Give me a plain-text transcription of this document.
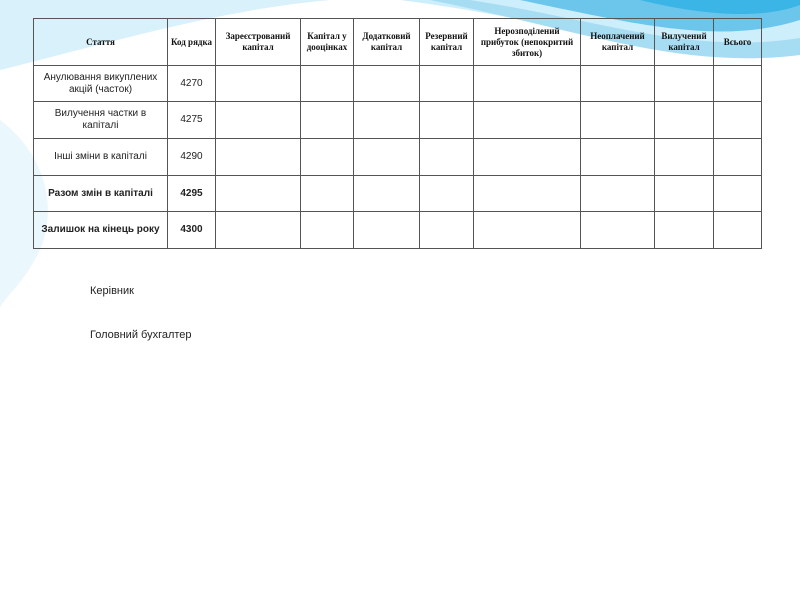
Стаття	Код рядка	Зареєстрований капітал	Капітал у дооцінках	Додатковий капітал	Резервний капітал	Нерозподілений прибуток (непокритий збиток)	Неоплачений капітал	Вилучений капітал	Всього
Анулювання викуплених акцій (часток)	4270								
Вилучення частки в капіталі	4275								
Інші зміни в капіталі	4290								
Разом змін в капіталі	4295								
Залишок на кінець року	4300								
Керівник
Головний бухгалтер
